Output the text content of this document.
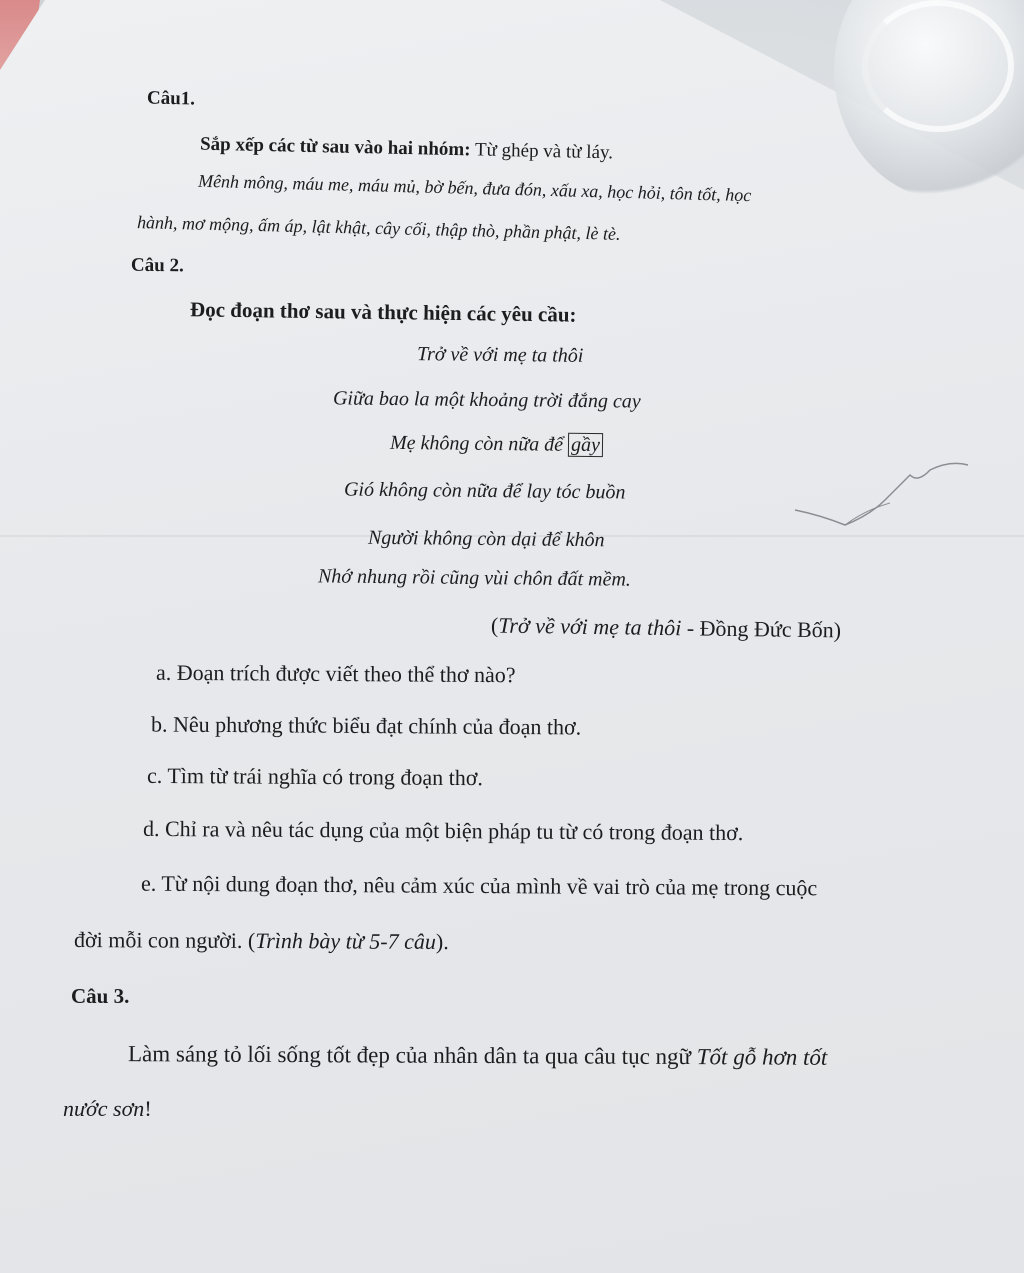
Câu1.
Sắp xếp các từ sau vào hai nhóm: Từ ghép và từ láy.
Mênh mông, máu me, máu mủ, bờ bến, đưa đón, xấu xa, học hỏi, tôn tốt, học
hành, mơ mộng, ấm áp, lật khật, cây cối, thập thò, phần phật, lè tè.
Câu 2.
Đọc đoạn thơ sau và thực hiện các yêu cầu:
Trở về với mẹ ta thôi
Giữa bao la một khoảng trời đắng cay
Mẹ không còn nữa để gầy
Gió không còn nữa để lay tóc buồn
Người không còn dại để khôn
Nhớ nhung rồi cũng vùi chôn đất mềm.
(Trở về với mẹ ta thôi - Đồng Đức Bốn)
a. Đoạn trích được viết theo thể thơ nào?
b. Nêu phương thức biểu đạt chính của đoạn thơ.
c. Tìm từ trái nghĩa có trong đoạn thơ.
d. Chỉ ra và nêu tác dụng của một biện pháp tu từ có trong đoạn thơ.
e. Từ nội dung đoạn thơ, nêu cảm xúc của mình về vai trò của mẹ trong cuộc
đời mỗi con người. (Trình bày từ 5-7 câu).
Câu 3.
Làm sáng tỏ lối sống tốt đẹp của nhân dân ta qua câu tục ngữ Tốt gỗ hơn tốt
nước sơn!
